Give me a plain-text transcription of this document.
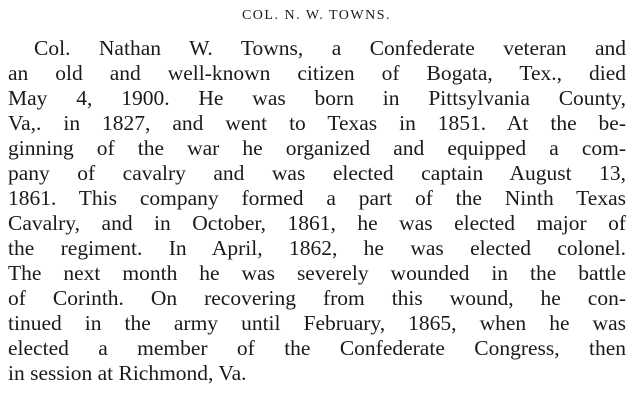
COL. N. W. TOWNS.
Col. Nathan W. Towns, a Confederate veteran and
an old and well-known citizen of Bogata, Tex., died
May 4, 1900. He was born in Pittsylvania County,
Va,. in 1827, and went to Texas in 1851. At the be-
ginning of the war he organized and equipped a com-
pany of cavalry and was elected captain August 13,
1861. This company formed a part of the Ninth Texas
Cavalry, and in October, 1861, he was elected major of
the regiment. In April, 1862, he was elected colonel.
The next month he was severely wounded in the battle
of Corinth. On recovering from this wound, he con-
tinued in the army until February, 1865, when he was
elected a member of the Confederate Congress, then
in session at Richmond, Va.
